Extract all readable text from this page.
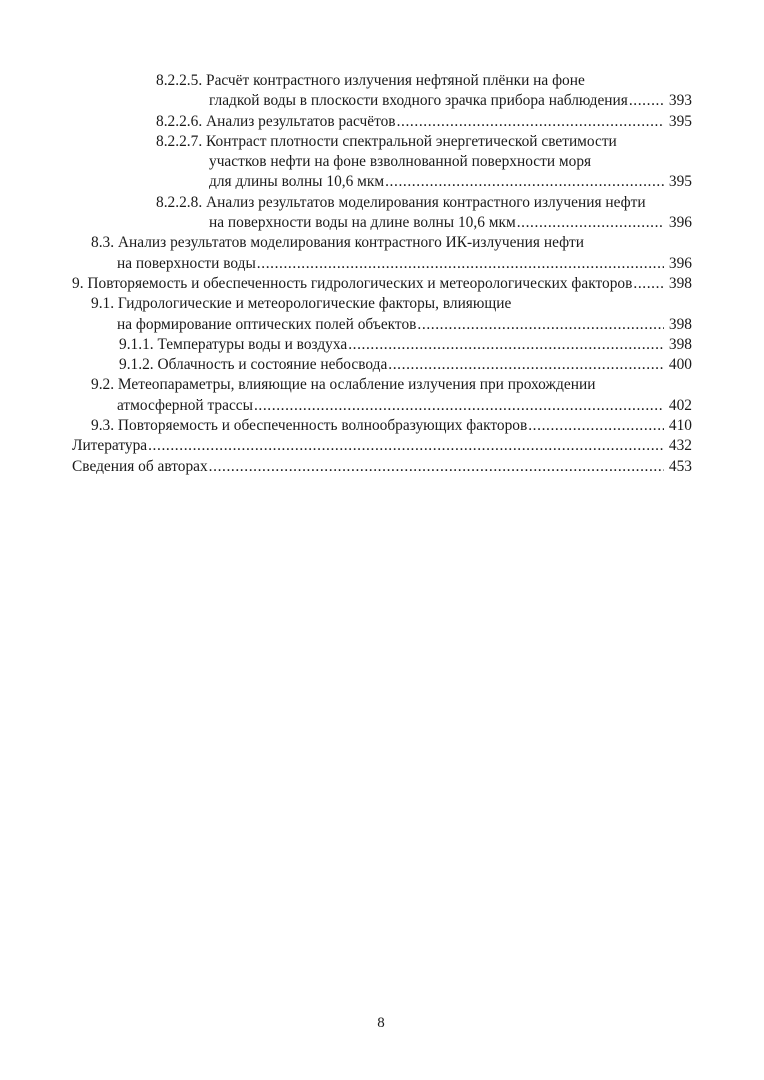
8.2.2.5. Расчёт контрастного излучения нефтяной плёнки на фоне
гладкой воды в плоскости входного зрачка прибора наблюдения .....	393
8.2.2.6. Анализ результатов расчётов .....	395
8.2.2.7. Контраст плотности спектральной энергетической светимости
участков нефти на фоне взволнованной поверхности моря
для длины волны 10,6 мкм .....	395
8.2.2.8. Анализ результатов моделирования контрастного излучения нефти
на поверхности воды на длине волны 10,6 мкм .....	396
8.3. Анализ результатов моделирования контрастного ИК-излучения нефти
на поверхности воды .....	396
9. Повторяемость и обеспеченность гидрологических и метеорологических факторов .....	398
9.1. Гидрологические и метеорологические факторы, влияющие
на формирование оптических полей объектов .....	398
9.1.1. Температуры воды и воздуха .....	398
9.1.2. Облачность и состояние небосвода .....	400
9.2. Метеопараметры, влияющие на ослабление излучения при прохождении
атмосферной трассы .....	402
9.3. Повторяемость и обеспеченность волнообразующих факторов .....	410
Литература .....	432
Сведения об авторах .....	453
8
